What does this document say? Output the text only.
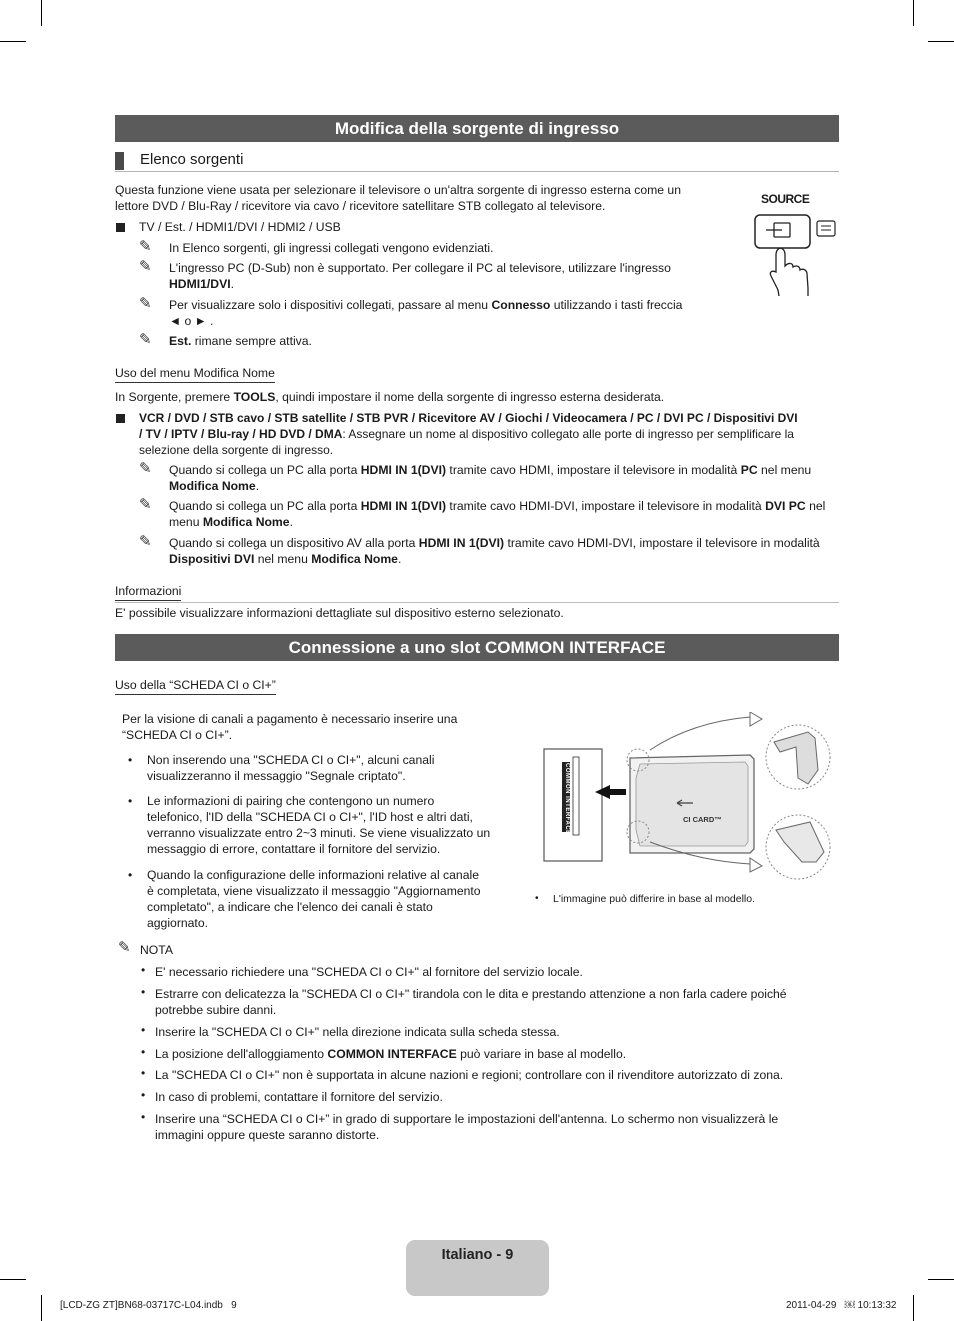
Modifica della sorgente di ingresso
Elenco sorgenti
Questa funzione viene usata per selezionare il televisore o un'altra sorgente di ingresso esterna come un
lettore DVD / Blu-Ray / ricevitore via cavo / ricevitore satellitare STB collegato al televisore.
TV / Est. / HDMI1/DVI / HDMI2 / USB
✎ In Elenco sorgenti, gli ingressi collegati vengono evidenziati.
✎ L'ingresso PC (D-Sub) non è supportato. Per collegare il PC al televisore, utilizzare l'ingresso
HDMI1/DVI.
✎ Per visualizzare solo i dispositivi collegati, passare al menu Connesso utilizzando i tasti freccia
◄ o ► .
✎ Est. rimane sempre attiva.
SOURCE
Uso del menu Modifica Nome
In Sorgente, premere TOOLS, quindi impostare il nome della sorgente di ingresso esterna desiderata.
VCR / DVD / STB cavo / STB satellite / STB PVR / Ricevitore AV / Giochi / Videocamera / PC / DVI PC / Dispositivi DVI
/ TV / IPTV / Blu-ray / HD DVD / DMA: Assegnare un nome al dispositivo collegato alle porte di ingresso per semplificare la
selezione della sorgente di ingresso.
✎ Quando si collega un PC alla porta HDMI IN 1(DVI) tramite cavo HDMI, impostare il televisore in modalità PC nel menu
Modifica Nome.
✎ Quando si collega un PC alla porta HDMI IN 1(DVI) tramite cavo HDMI-DVI, impostare il televisore in modalità DVI PC nel
menu Modifica Nome.
✎ Quando si collega un dispositivo AV alla porta HDMI IN 1(DVI) tramite cavo HDMI-DVI, impostare il televisore in modalità
Dispositivi DVI nel menu Modifica Nome.
Informazioni
E' possibile visualizzare informazioni dettagliate sul dispositivo esterno selezionato.
Connessione a uno slot COMMON INTERFACE
Uso della “SCHEDA CI o CI+”
Per la visione di canali a pagamento è necessario inserire una
“SCHEDA CI o CI+”.
• Non inserendo una "SCHEDA CI o CI+", alcuni canali
visualizzeranno il messaggio "Segnale criptato".
• Le informazioni di pairing che contengono un numero
telefonico, l'ID della "SCHEDA CI o CI+", l'ID host e altri dati,
verranno visualizzate entro 2~3 minuti. Se viene visualizzato un
messaggio di errore, contattare il fornitore del servizio.
• Quando la configurazione delle informazioni relative al canale
è completata, viene visualizzato il messaggio "Aggiornamento
completato", a indicare che l'elenco dei canali è stato
aggiornato.
COMMON INTERFACE	CI CARD™
• L'immagine può differire in base al modello.
✎ NOTA
• E' necessario richiedere una "SCHEDA CI o CI+" al fornitore del servizio locale.
• Estrarre con delicatezza la "SCHEDA CI o CI+" tirandola con le dita e prestando attenzione a non farla cadere poiché
potrebbe subire danni.
• Inserire la "SCHEDA CI o CI+" nella direzione indicata sulla scheda stessa.
• La posizione dell'alloggiamento COMMON INTERFACE può variare in base al modello.
• La "SCHEDA CI o CI+" non è supportata in alcune nazioni e regioni; controllare con il rivenditore autorizzato di zona.
• In caso di problemi, contattare il fornitore del servizio.
• Inserire una “SCHEDA CI o CI+” in grado di supportare le impostazioni dell'antenna. Lo schermo non visualizzerà le
immagini oppure queste saranno distorte.
Italiano - 9
[LCD-ZG ZT]BN68-03717C-L04.indb   9	2011-04-29   ￼ 10:13:32
